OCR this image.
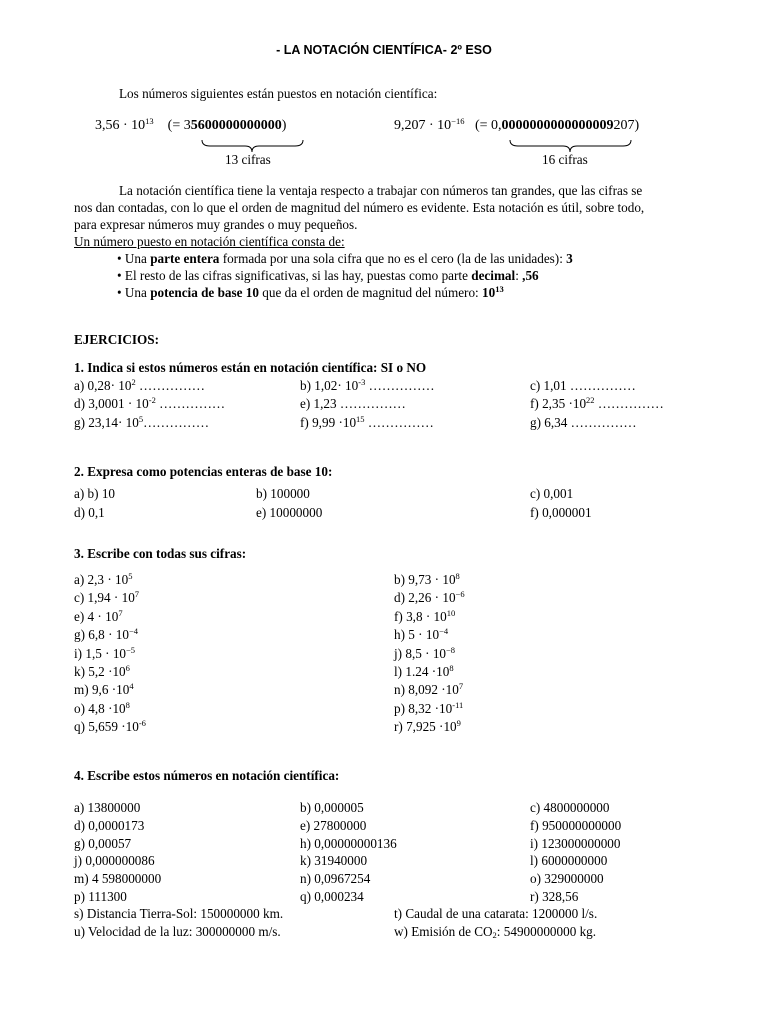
- LA NOTACIÓN CIENTÍFICA- 2º ESO
Los números siguientes están puestos en notación científica:
$3,56 \cdot 10^{13}$ (= 35600000000000)
13 cifras
$9,207 \cdot 10^{-16}$ (= 0,0000000000000009207)
16 cifras
La notación científica tiene la ventaja respecto a trabajar con números tan grandes, que las cifras se
nos dan contadas, con lo que el orden de magnitud del número es evidente. Esta notación es útil, sobre todo,
para expresar números muy grandes o muy pequeños.
Un número puesto en notación científica consta de:
• Una parte entera formada por una sola cifra que no es el cero (la de las unidades): 3
• El resto de las cifras significativas, si las hay, puestas como parte decimal: ,56
• Una potencia de base 10 que da el orden de magnitud del número: $10^{13}$
EJERCICIOS:
1. Indica si estos números están en notación científica: SI o NO
2. Expresa como potencias enteras de base 10:
3. Escribe con todas sus cifras:
4. Escribe estos números en notación científica:
s) Distancia Tierra-Sol: 150000000 km.	t) Caudal de una catarata: 1200000 l/s.
u) Velocidad de la luz: 300000000 m/s.	w) Emisión de $CO_2$: 54900000000 kg.
a) $0,28\cdot 10^2$ ……………	b) $1,02\cdot 10^{-3}$ ……………	c) 1,01 ……………
d) $3,0001 \cdot 10^{-2}$ ……………	e) 1,23 ……………	f) $2,35 \cdot 10^{22}$ ……………
g) $23,14\cdot 10^5\dots\dots\dots\dots\dots$	f) $9,99 \cdot 10^{15}$ ……………	g) 6,34 ……………
a) b) 10	b) 100000	c) 0,001
d) 0,1	e) 10000000	f) 0,000001
a) $2,3 \cdot 10^5$	b) $9,73 \cdot 10^8$
c) $1,94 \cdot 10^7$	d) $2,26 \cdot 10^{-6}$
e) $4 \cdot 10^7$	f) $3,8 \cdot 10^{10}$
g) $6,8 \cdot 10^{-4}$	h) $5 \cdot 10^{-4}$
i) $1,5 \cdot 10^{-5}$	j) $8,5 \cdot 10^{-8}$
k) $5,2 \cdot 10^6$	l) $1.24 \cdot 10^8$
m) $9,6 \cdot 10^4$	n) $8,092 \cdot 10^7$
o) $4,8 \cdot 10^8$	p) $8,32 \cdot 10^{-11}$
q) $5,659 \cdot 10^{-6}$	r) $7,925 \cdot 10^9$
a) 13800000	b) 0,000005	c) 4800000000
d) 0,0000173	e) 27800000	f) 950000000000
g) 0,00057	h) 0,00000000136	i) 123000000000
j) 0,000000086	k) 31940000	l) 6000000000
m) 4 598000000	n) 0,0967254	o) 329000000
p) 111300	q) 0,000234	r) 328,56
